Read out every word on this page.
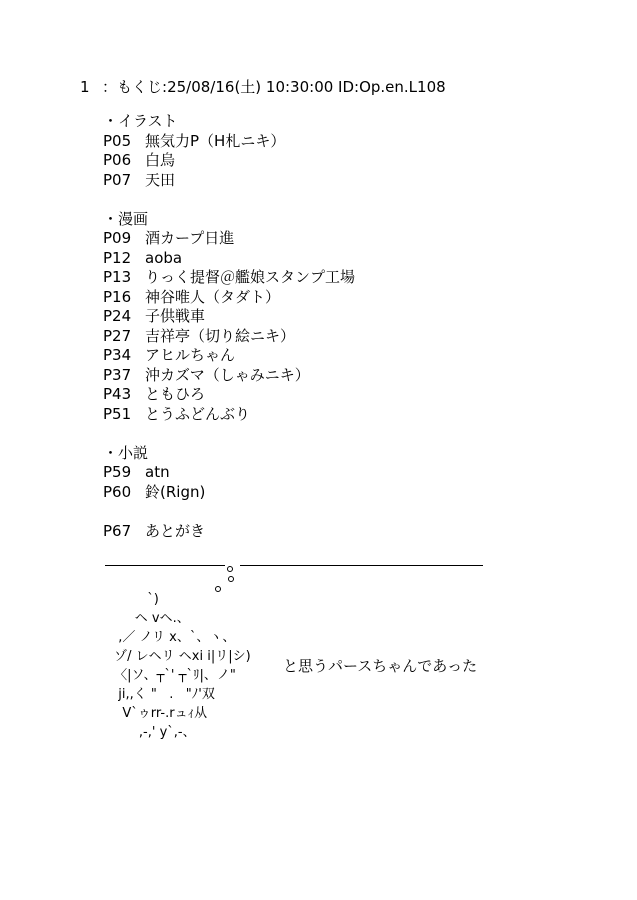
1 ：もくじ:25/08/16(土) 10:30:00 ID:Op.en.L108
・イラスト
P05 無気力P（H札ニキ）
P06 白烏
P07 天田
・漫画
P09 酒カープ日進
P12 aoba
P13 りっく提督＠艦娘スタンプ工場
P16 神谷唯人（タダト）
P24 子供戦車
P27 吉祥亭（切り絵ニキ）
P34 アヒルちゃん
P37 沖カズマ（しゃみニキ）
P43 ともひろ
P51 とうふどんぶり
・小説
P59 atn
P60 鈴(Rign)
P67 あとがき
`)
ヘ vヘ.、
,／ ノリ x、`、ヽ、
ゾ/ レヘリ ヘxi i|リ|シ)
〈|ソ、┬`' ┬`ﾘ|、ノ"
ji,,く "   .   "ﾉ'双
V`ゥrr-.rュｨ从
,-,' y`,-、
と思うパースちゃんであった
